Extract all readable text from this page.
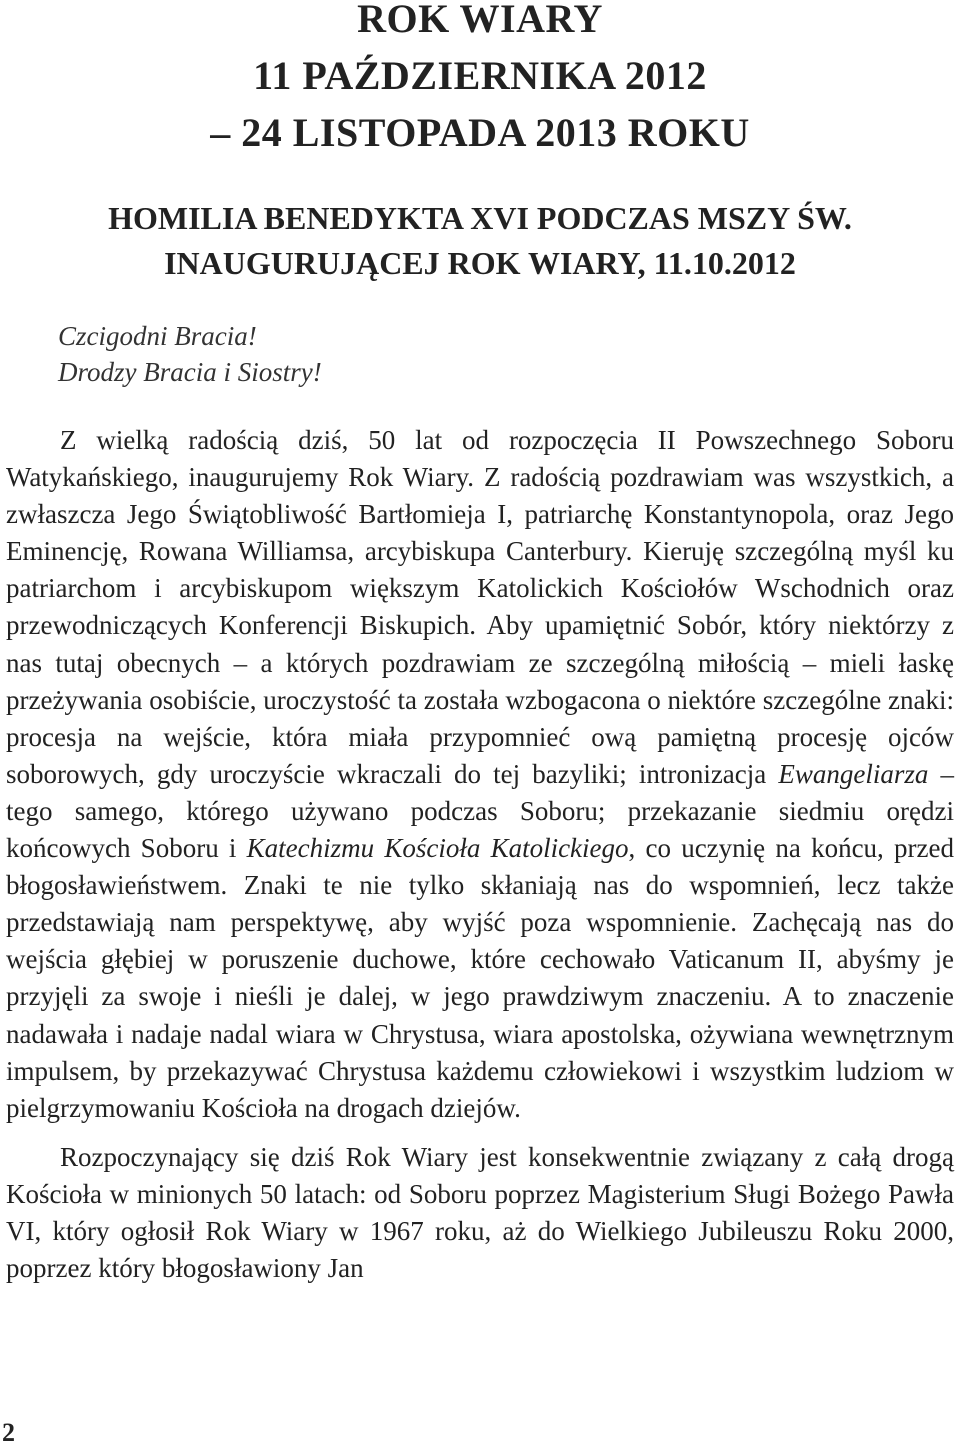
ROK WIARY
11 PAŹDZIERNIKA 2012
– 24 LISTOPADA 2013 ROKU
HOMILIA BENEDYKTA XVI PODCZAS MSZY ŚW.
INAUGURUJĄCEJ ROK WIARY, 11.10.2012
Czcigodni Bracia!
Drodzy Bracia i Siostry!

Z wielką radością dziś, 50 lat od rozpoczęcia II Powszechnego Soboru Watykańskiego, inaugurujemy Rok Wiary. Z radością pozdrawiam was wszystkich, a zwłaszcza Jego Świątobliwość Bartłomieja I, patriarchę Konstantynopola, oraz Jego Eminencję, Rowana Williamsa, arcybiskupa Canterbury. Kieruję szczególną myśl ku patriarchom i arcybiskupom większym Katolickich Kościołów Wschodnich oraz przewodniczących Konferencji Biskupich. Aby upamiętnić Sobór, który niektórzy z nas tutaj obecnych – a których pozdrawiam ze szczególną miłością – mieli łaskę przeżywania osobiście, uroczystość ta została wzbogacona o niektóre szczególne znaki: procesja na wejście, która miała przypomnieć ową pamiętną procesję ojców soborowych, gdy uroczyście wkraczali do tej bazyliki; intronizacja Ewangeliarza – tego samego, którego używano podczas Soboru; przekazanie siedmiu orędzi końcowych Soboru i Katechizmu Kościoła Katolickiego, co uczynię na końcu, przed błogosławieństwem. Znaki te nie tylko skłaniają nas do wspomnień, lecz także przedstawiają nam perspektywę, aby wyjść poza wspomnienie. Zachęcają nas do wejścia głębiej w poruszenie duchowe, które cechowało Vaticanum II, abyśmy je przyjęli za swoje i nieśli je dalej, w jego prawdziwym znaczeniu. A to znaczenie nadawała i nadaje nadal wiara w Chrystusa, wiara apostolska, ożywiana wewnętrznym impulsem, by przekazywać Chrystusa każdemu człowiekowi i wszystkim ludziom w pielgrzymowaniu Kościoła na drogach dziejów.

Rozpoczynający się dziś Rok Wiary jest konsekwentnie związany z całą drogą Kościoła w minionych 50 latach: od Soboru poprzez Magisterium Sługi Bożego Pawła VI, który ogłosił Rok Wiary w 1967 roku, aż do Wielkiego Jubileuszu Roku 2000, poprzez który błogosławiony Jan

2
